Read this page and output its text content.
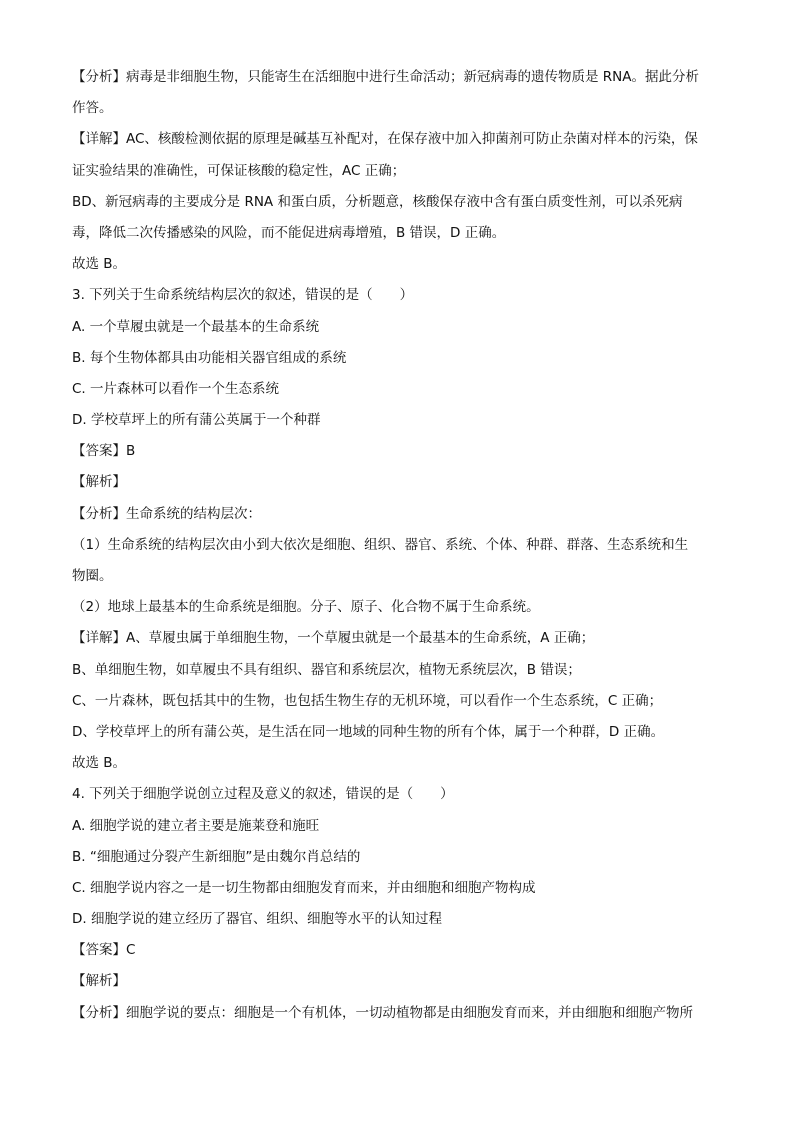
【分析】病毒是非细胞生物，只能寄生在活细胞中进行生命活动；新冠病毒的遗传物质是 RNA。据此分析
作答。
【详解】AC、核酸检测依据的原理是碱基互补配对，在保存液中加入抑菌剂可防止杂菌对样本的污染，保
证实验结果的准确性，可保证核酸的稳定性，AC 正确；
BD、新冠病毒的主要成分是 RNA 和蛋白质，分析题意，核酸保存液中含有蛋白质变性剂，可以杀死病
毒，降低二次传播感染的风险，而不能促进病毒增殖，B 错误，D 正确。
故选 B。
3. 下列关于生命系统结构层次的叙述，错误的是（　　）
A. 一个草履虫就是一个最基本的生命系统
B. 每个生物体都具由功能相关器官组成的系统
C. 一片森林可以看作一个生态系统
D. 学校草坪上的所有蒲公英属于一个种群
【答案】B
【解析】
【分析】生命系统的结构层次：
（1）生命系统的结构层次由小到大依次是细胞、组织、器官、系统、个体、种群、群落、生态系统和生
物圈。
（2）地球上最基本的生命系统是细胞。分子、原子、化合物不属于生命系统。
【详解】A、草履虫属于单细胞生物，一个草履虫就是一个最基本的生命系统，A 正确；
B、单细胞生物，如草履虫不具有组织、器官和系统层次，植物无系统层次，B 错误；
C、一片森林，既包括其中的生物，也包括生物生存的无机环境，可以看作一个生态系统，C 正确；
D、学校草坪上的所有蒲公英，是生活在同一地域的同种生物的所有个体，属于一个种群，D 正确。
故选 B。
4. 下列关于细胞学说创立过程及意义的叙述，错误的是（　　）
A. 细胞学说的建立者主要是施莱登和施旺
B. “细胞通过分裂产生新细胞”是由魏尔肖总结的
C. 细胞学说内容之一是一切生物都由细胞发育而来，并由细胞和细胞产物构成
D. 细胞学说的建立经历了器官、组织、细胞等水平的认知过程
【答案】C
【解析】
【分析】细胞学说的要点：细胞是一个有机体，一切动植物都是由细胞发育而来，并由细胞和细胞产物所
